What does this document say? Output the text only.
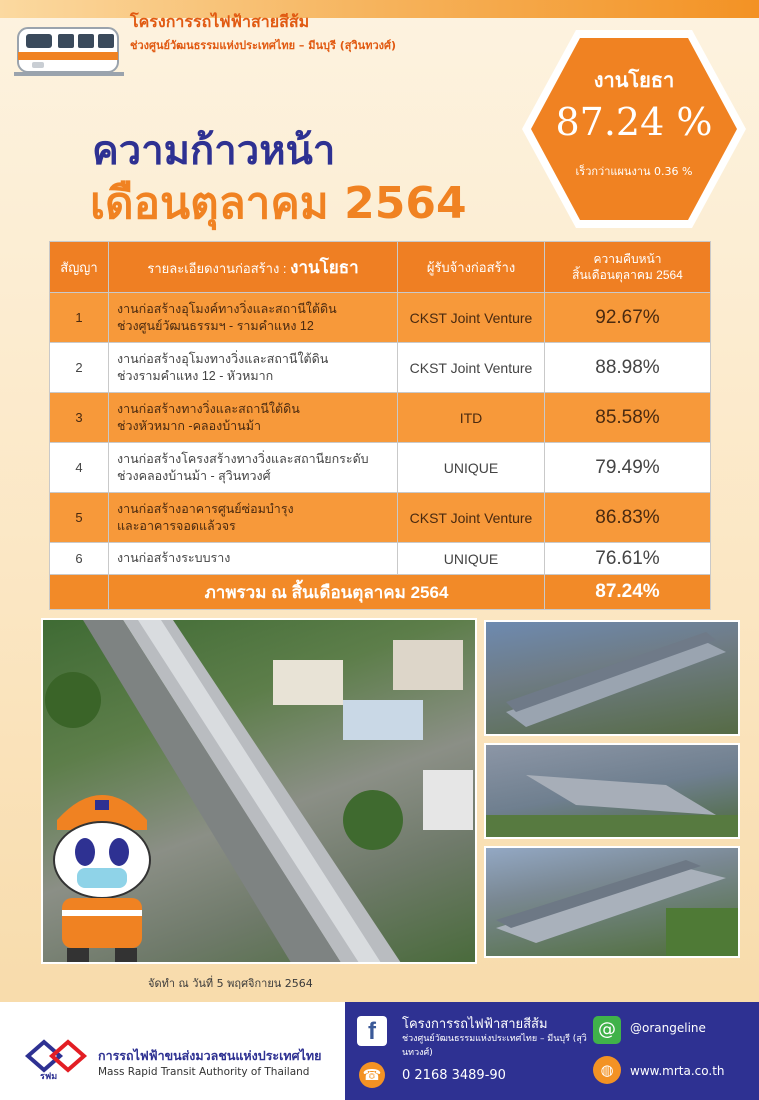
โครงการรถไฟฟ้าสายสีส้ม
ช่วงศูนย์วัฒนธรรมแห่งประเทศไทย – มีนบุรี (สุวินทวงศ์)
ความก้าวหน้า
เดือนตุลาคม 2564
งานโยธา
87.24 %
เร็วกว่าแผนงาน 0.36 %
สัญญา	รายละเอียดงานก่อสร้าง : งานโยธา	ผู้รับจ้างก่อสร้าง	ความคืบหน้า
สิ้นเดือนตุลาคม 2564

1	งานก่อสร้างอุโมงค์ทางวิ่งและสถานีใต้ดิน
ช่วงศูนย์วัฒนธรรมฯ - รามคำแหง 12	CKST Joint Venture	92.67%
2	งานก่อสร้างอุโมงทางวิ่งและสถานีใต้ดิน
ช่วงรามคำแหง 12 - หัวหมาก	CKST Joint Venture	88.98%
3	งานก่อสร้างทางวิ่งและสถานีใต้ดิน
ช่วงหัวหมาก -คลองบ้านม้า	ITD	85.58%
4	งานก่อสร้างโครงสร้างทางวิ่งและสถานียกระดับ
ช่วงคลองบ้านม้า - สุวินทวงศ์	UNIQUE	79.49%
5	งานก่อสร้างอาคารศูนย์ซ่อมบำรุง
และอาคารจอดแล้วจร	CKST Joint Venture	86.83%
6	งานก่อสร้างระบบราง	UNIQUE	76.61%
	ภาพรวม ณ สิ้นเดือนตุลาคม 2564		87.24%
จัดทำ ณ วันที่ 5 พฤศจิกายน 2564
รฟม
การรถไฟฟ้าขนส่งมวลชนแห่งประเทศไทย
Mass Rapid Transit Authority of Thailand
f	โครงการรถไฟฟ้าสายสีส้ม
ช่วงศูนย์วัฒนธรรมแห่งประเทศไทย – มีนบุรี (สุวินทวงศ์)
☎ 0 2168 3489-90
@	@orangeline
◍	www.mrta.co.th
